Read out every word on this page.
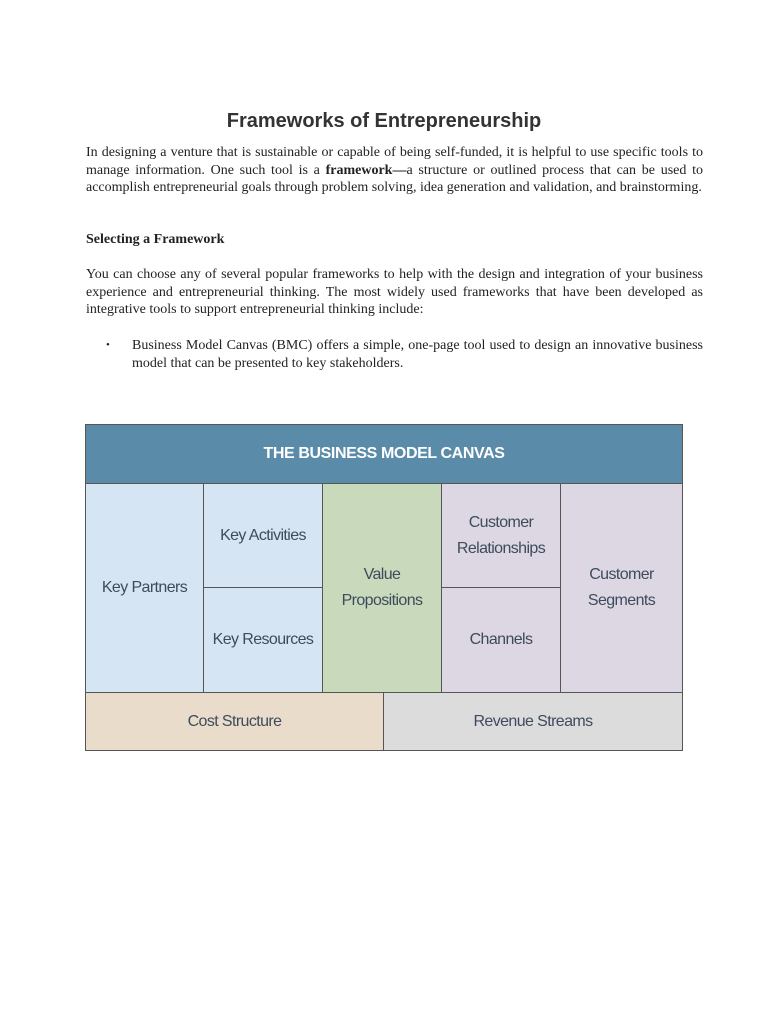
Frameworks of Entrepreneurship

In designing a venture that is sustainable or capable of being self-funded, it is helpful to use specific tools to manage information. One such tool is a framework—a structure or outlined process that can be used to accomplish entrepreneurial goals through problem solving, idea generation and validation, and brainstorming.

Selecting a Framework

You can choose any of several popular frameworks to help with the design and integration of your business experience and entrepreneurial thinking. The most widely used frameworks that have been developed as integrative tools to support entrepreneurial thinking include:

• Business Model Canvas (BMC) offers a simple, one-page tool used to design an innovative business model that can be presented to key stakeholders.
THE BUSINESS MODEL CANVAS
Key Partners
Key Activities
Key Resources
Value
Propositions
Customer
Relationships
Channels
Customer
Segments
Cost Structure	Revenue Streams
